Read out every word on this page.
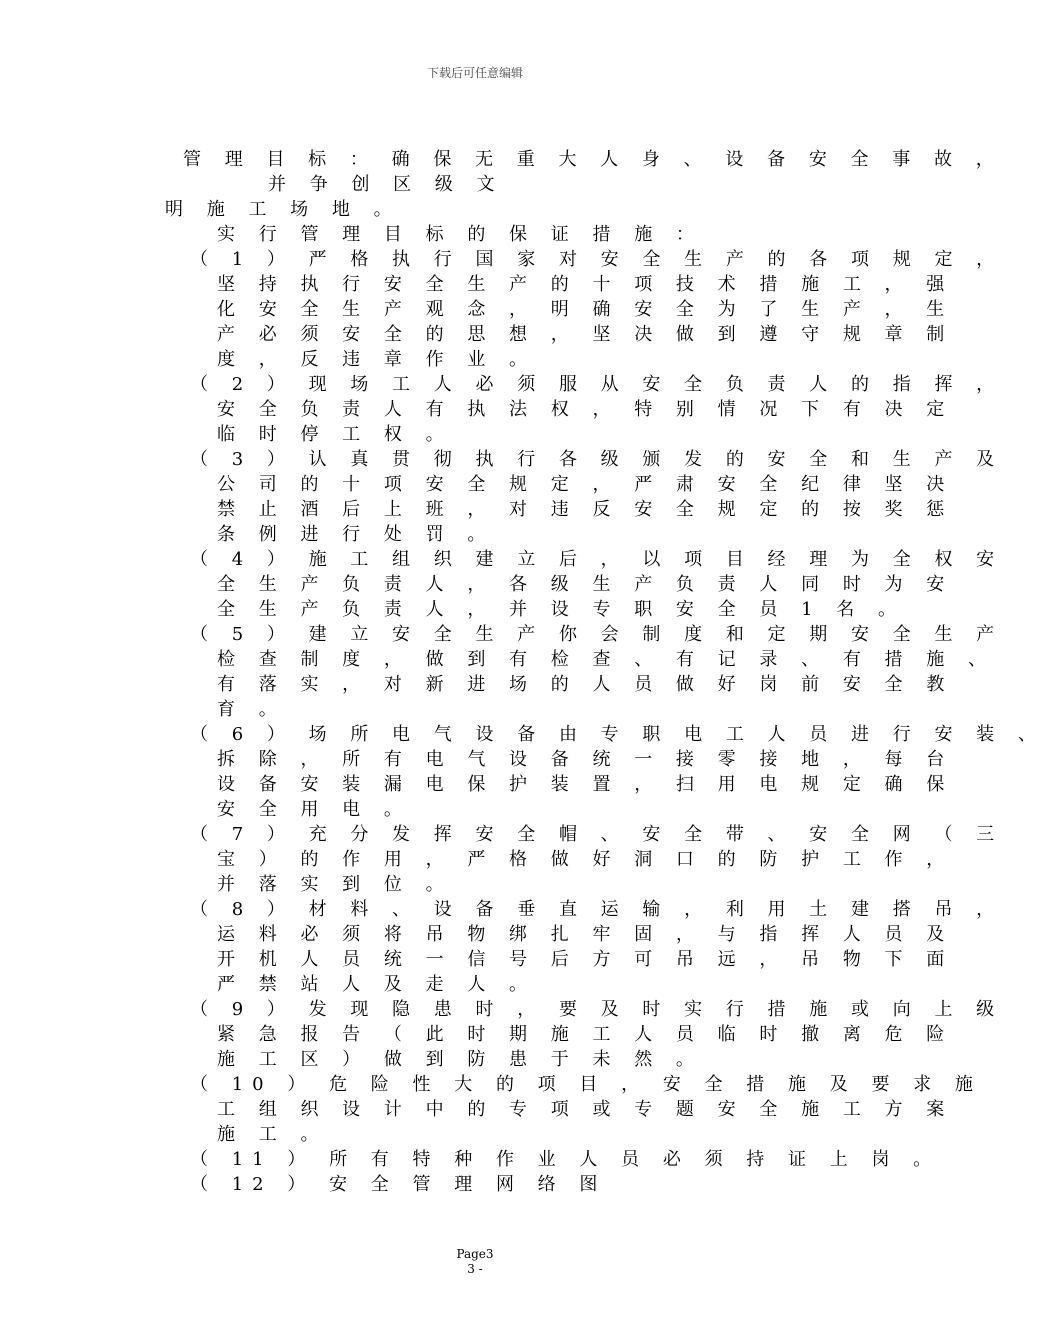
下载后可任意编辑
管 理 目 标 ： 确 保 无 重 大 人 身 、 设 备 安 全 事 故 ，
并 争 创 区 级 文
明 施 工 场 地 。
实 行 管 理 目 标 的 保 证 措 施 ：
（ 1 ） 严 格 执 行 国 家 对 安 全 生 产 的 各 项 规 定 ，
坚 持 执 行 安 全 生 产 的 十 项 技 术 措 施 工 ， 强
化 安 全 生 产 观 念 ， 明 确 安 全 为 了 生 产 ， 生
产 必 须 安 全 的 思 想 ， 坚 决 做 到 遵 守 规 章 制
度 ， 反 违 章 作 业 。
（ 2 ） 现 场 工 人 必 须 服 从 安 全 负 责 人 的 指 挥 ，
安 全 负 责 人 有 执 法 权 ， 特 别 情 况 下 有 决 定
临 时 停 工 权 。
（ 3 ） 认 真 贯 彻 执 行 各 级 颁 发 的 安 全 和 生 产 及
公 司 的 十 项 安 全 规 定 ， 严 肃 安 全 纪 律 坚 决
禁 止 酒 后 上 班 ， 对 违 反 安 全 规 定 的 按 奖 惩
条 例 进 行 处 罚 。
（ 4 ） 施 工 组 织 建 立 后 ， 以 项 目 经 理 为 全 权 安
全 生 产 负 责 人 ， 各 级 生 产 负 责 人 同 时 为 安
全 生 产 负 责 人 ， 并 设 专 职 安 全 员 1 名 。
（ 5 ） 建 立 安 全 生 产 你 会 制 度 和 定 期 安 全 生 产
检 查 制 度 ， 做 到 有 检 查 、 有 记 录 、 有 措 施 、
有 落 实 ， 对 新 进 场 的 人 员 做 好 岗 前 安 全 教
育 。
（ 6 ） 场 所 电 气 设 备 由 专 职 电 工 人 员 进 行 安 装 、
拆 除 ， 所 有 电 气 设 备 统 一 接 零 接 地 ， 每 台
设 备 安 装 漏 电 保 护 装 置 ， 扫 用 电 规 定 确 保
安 全 用 电 。
（ 7 ） 充 分 发 挥 安 全 帽 、 安 全 带 、 安 全 网 （ 三
宝 ） 的 作 用 ， 严 格 做 好 洞 口 的 防 护 工 作 ，
并 落 实 到 位 。
（ 8 ） 材 料 、 设 备 垂 直 运 输 ， 利 用 土 建 搭 吊 ，
运 料 必 须 将 吊 物 绑 扎 牢 固 ， 与 指 挥 人 员 及
开 机 人 员 统 一 信 号 后 方 可 吊 远 ， 吊 物 下 面
严 禁 站 人 及 走 人 。
（ 9 ） 发 现 隐 患 时 ， 要 及 时 实 行 措 施 或 向 上 级
紧 急 报 告 （ 此 时 期 施 工 人 员 临 时 撤 离 危 险
施 工 区 ） 做 到 防 患 于 未 然 。
（ 10 ） 危 险 性 大 的 项 目 ， 安 全 措 施 及 要 求 施
工 组 织 设 计 中 的 专 项 或 专 题 安 全 施 工 方 案
施 工 。
（ 11 ） 所 有 特 种 作 业 人 员 必 须 持 证 上 岗 。
（ 12 ） 安 全 管 理 网 络 图
Page3
3 -
